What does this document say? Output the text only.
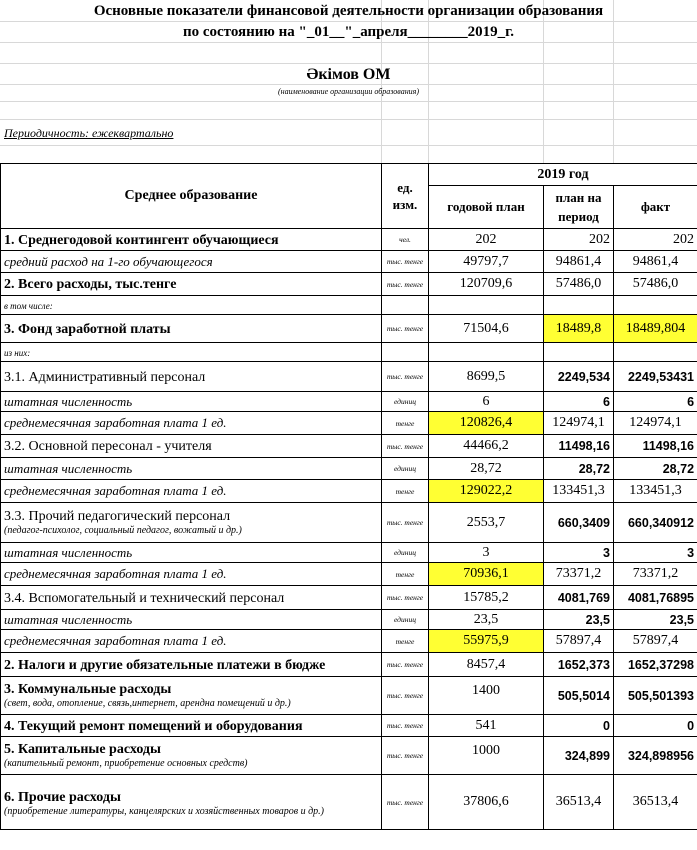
Основные показатели финансовой деятельности организации образования
по состоянию на "_01__"_апреля________2019_г.
Әкімов ОМ
(наименование организации образования)
Периодичность: ежеквартально
Среднее образование	ед. изм.	2019 год		
		годовой план	план на период	факт

1. Среднегодовой контингент обучающиеся	чел.	202	202	202
средний расход на 1-го обучающегося	тыс. тенге	49797,7	94861,4	94861,4
2. Всего расходы, тыс.тенге	тыс. тенге	120709,6	57486,0	57486,0
в том числе:				
3. Фонд заработной платы	тыс. тенге	71504,6	18489,8	18489,804
из них:				
3.1. Административный персонал	тыс. тенге	8699,5	2249,534	2249,53431
штатная численность	единиц	6	6	6
среднемесячная заработная плата 1 ед.	тенге	120826,4	124974,1	124974,1
3.2. Основной пересонал - учителя	тыс. тенге	44466,2	11498,16	11498,16
штатная численность	единиц	28,72	28,72	28,72
среднемесячная заработная плата 1 ед.	тенге	129022,2	133451,3	133451,3
3.3. Прочий педагогический персонал
(педагог-психолог, социальный педагог, вожатый и др.)	тыс. тенге	2553,7	660,3409	660,340912
штатная численность	единиц	3	3	3
среднемесячная заработная плата 1 ед.	тенге	70936,1	73371,2	73371,2
3.4. Вспомогательный и технический персонал	тыс. тенге	15785,2	4081,769	4081,76895
штатная численность	единиц	23,5	23,5	23,5
среднемесячная заработная плата 1 ед.	тенге	55975,9	57897,4	57897,4
2. Налоги и другие обязательные платежи в бюдже	тыс. тенге	8457,4	1652,373	1652,37298
3. Коммунальные расходы
(свет, вода, отопление, связь,интернет, арендна помещений и др.)	тыс. тенге	1400	505,5014	505,501393
4. Текущий ремонт помещений и оборудования	тыс. тенге	541	0	0
5. Капитальные расходы
(капительный ремонт, приобретение основных средств)	тыс. тенге	1000	324,899	324,898956
6. Прочие расходы
(приобретение литературы, канцелярских и хозяйственных товаров и др.)	тыс. тенге	37806,6	36513,4	36513,4
